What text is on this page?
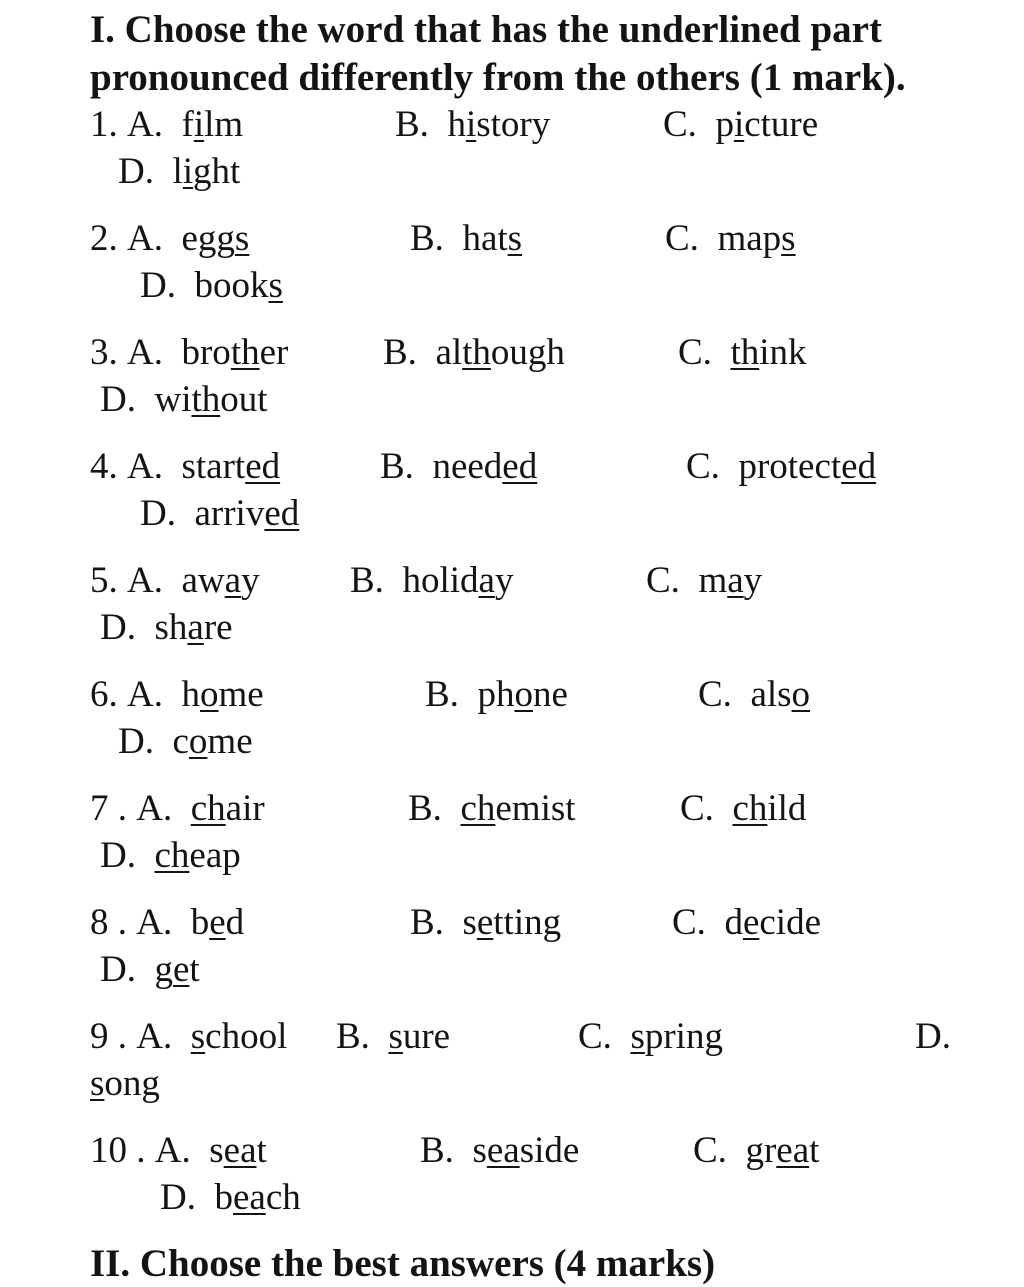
I. Choose the word that has the underlined part
pronounced differently from the others (1 mark).
1. A. film	B. history	C. picture
D. light
2. A. eggs	B. hats	C. maps
D. books
3. A. brother	B. although	C. think
D. without
4. A. started	B. needed	C. protected
D. arrived
5. A. away B. holiday	C. may
D. share
6. A. home	B. phone	C. also
D. come
7 . A. chair	B. chemist	C. child
D. cheap
8 . A. bed	B. setting	C. decide
D. get
9 . A. school B. sure	C. spring	D.
song
10 . A. seat	B. seaside	C. great
D. beach
II. Choose the best answers (4 marks)
